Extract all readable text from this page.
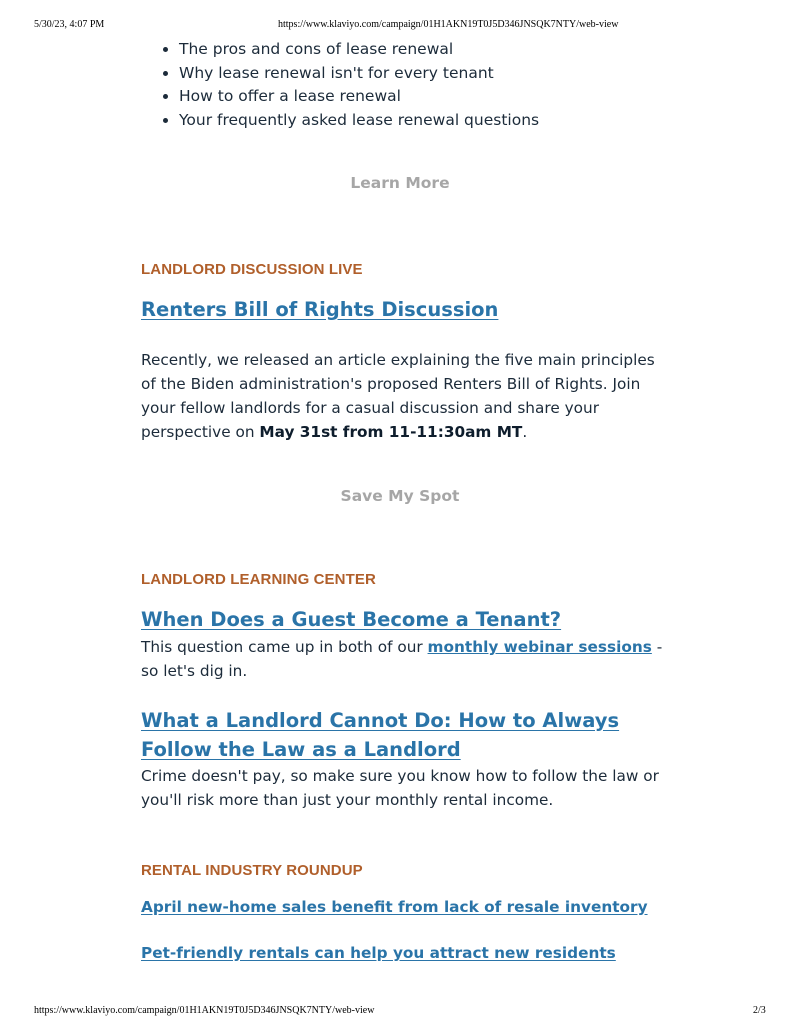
5/30/23, 4:07 PM	https://www.klaviyo.com/campaign/01H1AKN19T0J5D346JNSQK7NTY/web-view
• The pros and cons of lease renewal
• Why lease renewal isn't for every tenant
• How to offer a lease renewal
• Your frequently asked lease renewal questions
Learn More
LANDLORD DISCUSSION LIVE
Renters Bill of Rights Discussion
Recently, we released an article explaining the five main principles of the Biden administration's proposed Renters Bill of Rights. Join your fellow landlords for a casual discussion and share your perspective on May 31st from 11-11:30am MT.
Save My Spot
LANDLORD LEARNING CENTER
When Does a Guest Become a Tenant?
This question came up in both of our monthly webinar sessions - so let's dig in.
What a Landlord Cannot Do: How to Always Follow the Law as a Landlord
Crime doesn't pay, so make sure you know how to follow the law or you'll risk more than just your monthly rental income.
RENTAL INDUSTRY ROUNDUP
April new-home sales benefit from lack of resale inventory
Pet-friendly rentals can help you attract new residents
https://www.klaviyo.com/campaign/01H1AKN19T0J5D346JNSQK7NTY/web-view	2/3
